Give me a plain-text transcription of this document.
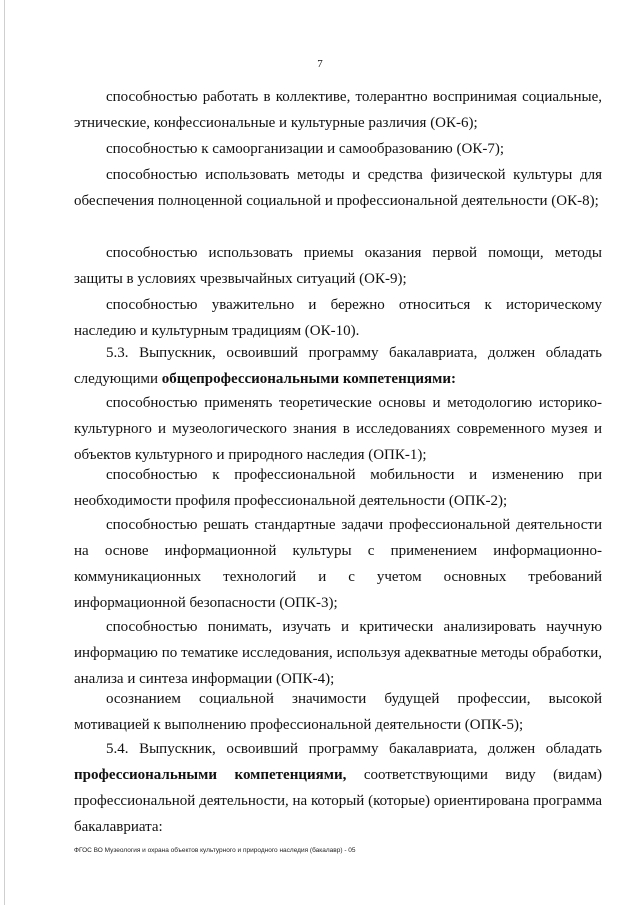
7
способностью работать в коллективе, толерантно воспринимая социальные, этнические, конфессиональные и культурные различия (ОК-6);
способностью к самоорганизации и самообразованию (ОК-7);
способностью использовать методы и средства физической культуры для обеспечения полноценной социальной и профессиональной деятельности (ОК-8);
способностью использовать приемы оказания первой помощи, методы защиты в условиях чрезвычайных ситуаций (ОК-9);
способностью уважительно и бережно относиться к историческому наследию и культурным традициям (ОК-10).
5.3. Выпускник, освоивший программу бакалавриата, должен обладать следующими общепрофессиональными компетенциями:
способностью применять теоретические основы и методологию историко-культурного и музеологического знания в исследованиях современного музея и объектов культурного и природного наследия (ОПК-1);
способностью к профессиональной мобильности и изменению при необходимости профиля профессиональной деятельности (ОПК-2);
способностью решать стандартные задачи профессиональной деятельности на основе информационной культуры с применением информационно-коммуникационных технологий и с учетом основных требований информационной безопасности (ОПК-3);
способностью понимать, изучать и критически анализировать научную информацию по тематике исследования, используя адекватные методы обработки, анализа и синтеза информации (ОПК-4);
осознанием социальной значимости будущей профессии, высокой мотивацией к выполнению профессиональной деятельности (ОПК-5);
5.4. Выпускник, освоивший программу бакалавриата, должен обладать профессиональными компетенциями, соответствующими виду (видам) профессиональной деятельности, на который (которые) ориентирована программа бакалавриата:
ФГОС ВО Музеология и охрана объектов культурного и природного наследия (бакалавр) - 05
